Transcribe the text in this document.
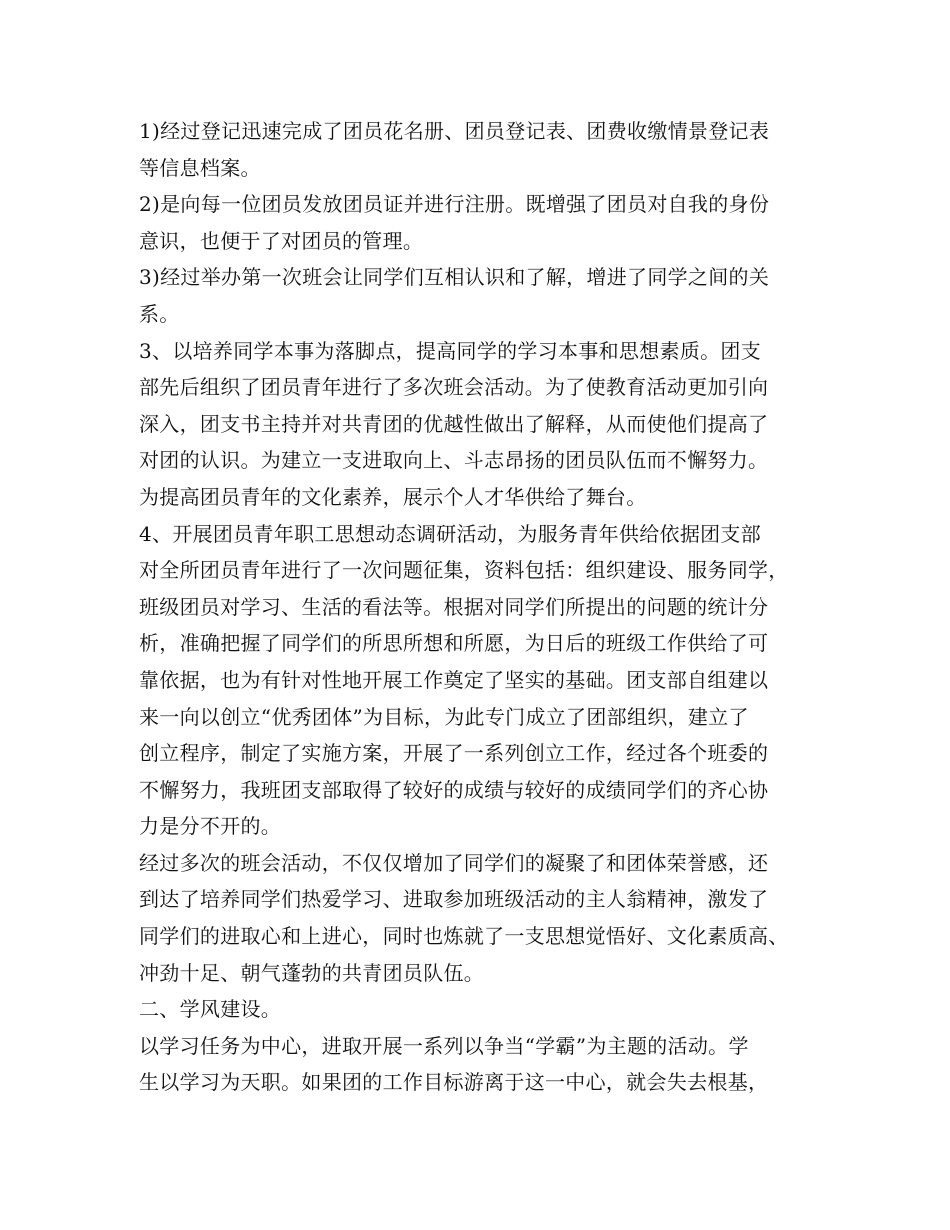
1)经过登记迅速完成了团员花名册、团员登记表、团费收缴情景登记表
等信息档案。
2)是向每一位团员发放团员证并进行注册。既增强了团员对自我的身份
意识，也便于了对团员的管理。
3)经过举办第一次班会让同学们互相认识和了解，增进了同学之间的关
系。
3、以培养同学本事为落脚点，提高同学的学习本事和思想素质。团支
部先后组织了团员青年进行了多次班会活动。为了使教育活动更加引向
深入，团支书主持并对共青团的优越性做出了解释，从而使他们提高了
对团的认识。为建立一支进取向上、斗志昂扬的团员队伍而不懈努力。
为提高团员青年的文化素养，展示个人才华供给了舞台。
4、开展团员青年职工思想动态调研活动，为服务青年供给依据团支部
对全所团员青年进行了一次问题征集，资料包括：组织建设、服务同学，
班级团员对学习、生活的看法等。根据对同学们所提出的问题的统计分
析，准确把握了同学们的所思所想和所愿，为日后的班级工作供给了可
靠依据，也为有针对性地开展工作奠定了坚实的基础。团支部自组建以
来一向以创立“优秀团体”为目标，为此专门成立了团部组织，建立了
创立程序，制定了实施方案，开展了一系列创立工作，经过各个班委的
不懈努力，我班团支部取得了较好的成绩与较好的成绩同学们的齐心协
力是分不开的。
经过多次的班会活动，不仅仅增加了同学们的凝聚了和团体荣誉感，还
到达了培养同学们热爱学习、进取参加班级活动的主人翁精神，激发了
同学们的进取心和上进心，同时也炼就了一支思想觉悟好、文化素质高、
冲劲十足、朝气蓬勃的共青团员队伍。
二、学风建设。
以学习任务为中心，进取开展一系列以争当“学霸”为主题的活动。学
生以学习为天职。如果团的工作目标游离于这一中心，就会失去根基，
